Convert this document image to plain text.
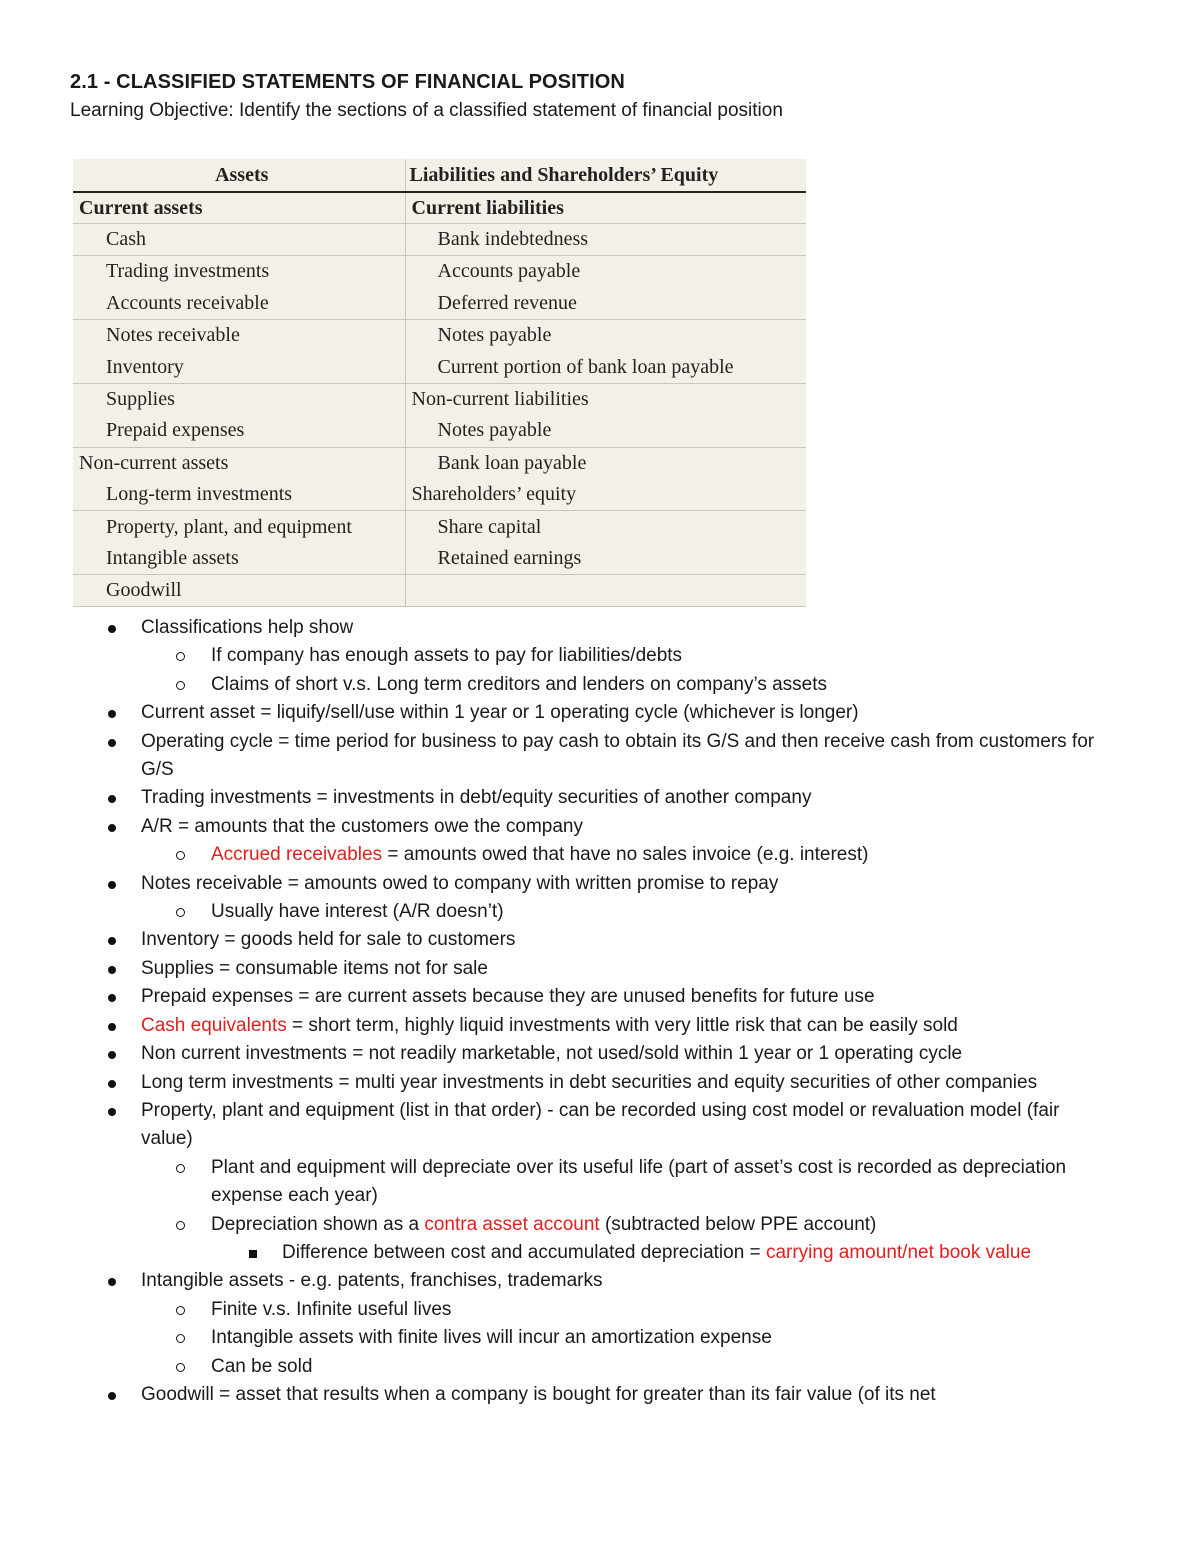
2.1 - CLASSIFIED STATEMENTS OF FINANCIAL POSITION
Learning Objective: Identify the sections of a classified statement of financial position
Assets	Liabilities and Shareholders’ Equity
Current assets	Current liabilities
Cash	Bank indebtedness
Trading investments	Accounts payable
Accounts receivable	Deferred revenue
Notes receivable	Notes payable
Inventory	Current portion of bank loan payable
Supplies	Non-current liabilities
Prepaid expenses	Notes payable
Non-current assets	Bank loan payable
Long-term investments	Shareholders’ equity
Property, plant, and equipment	Share capital
Intangible assets	Retained earnings
Goodwill	
Classifications help show
If company has enough assets to pay for liabilities/debts
Claims of short v.s. Long term creditors and lenders on company’s assets
Current asset = liquify/sell/use within 1 year or 1 operating cycle (whichever is longer)
Operating cycle = time period for business to pay cash to obtain its G/S and then receive cash from customers for G/S
Trading investments = investments in debt/equity securities of another company
A/R = amounts that the customers owe the company
Accrued receivables = amounts owed that have no sales invoice (e.g. interest)
Notes receivable = amounts owed to company with written promise to repay
Usually have interest (A/R doesn’t)
Inventory = goods held for sale to customers
Supplies = consumable items not for sale
Prepaid expenses = are current assets because they are unused benefits for future use
Cash equivalents = short term, highly liquid investments with very little risk that can be easily sold
Non current investments = not readily marketable, not used/sold within 1 year or 1 operating cycle
Long term investments = multi year investments in debt securities and equity securities of other companies
Property, plant and equipment (list in that order) - can be recorded using cost model or revaluation model (fair value)
Plant and equipment will depreciate over its useful life (part of asset’s cost is recorded as depreciation expense each year)
Depreciation shown as a contra asset account (subtracted below PPE account)
Difference between cost and accumulated depreciation = carrying amount/net book value
Intangible assets - e.g. patents, franchises, trademarks
Finite v.s. Infinite useful lives
Intangible assets with finite lives will incur an amortization expense
Can be sold
Goodwill = asset that results when a company is bought for greater than its fair value (of its net
